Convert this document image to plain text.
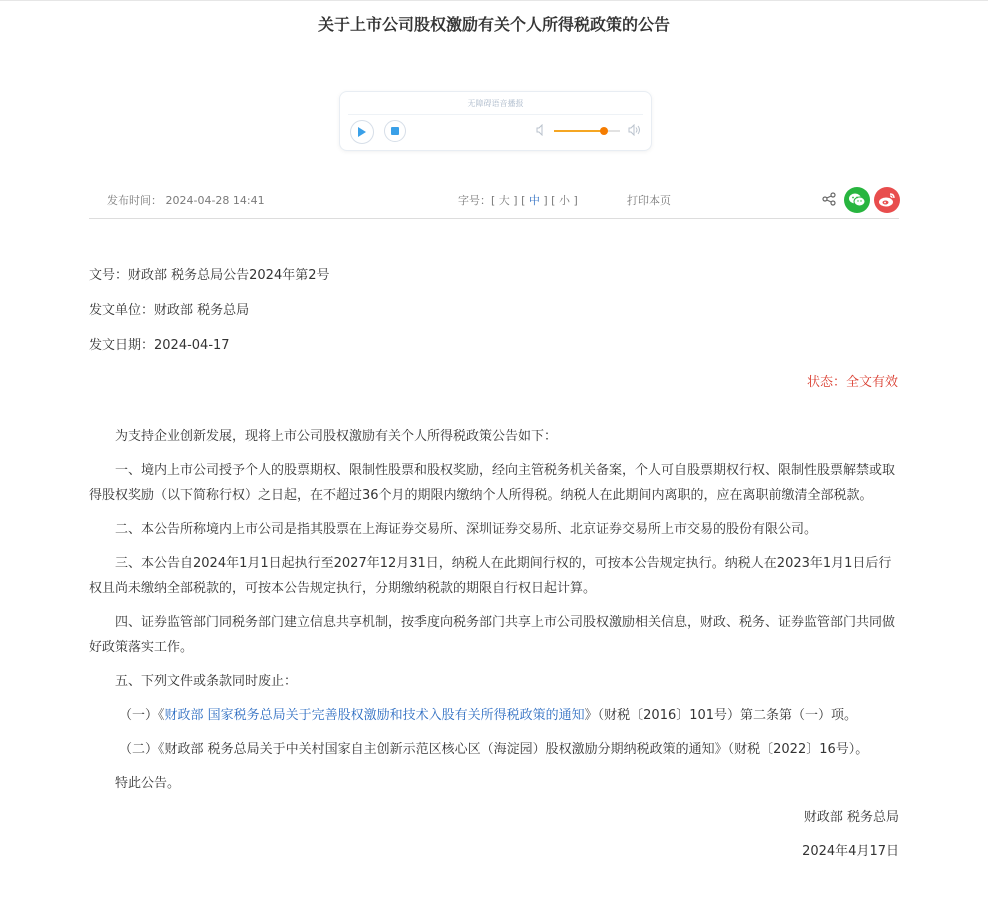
关于上市公司股权激励有关个人所得税政策的公告
无障碍语音播报
发布时间： 2024-04-28 14:41	字号：[ 大 ] [ 中 ] [ 小 ]	打印本页
文号：财政部 税务总局公告2024年第2号
发文单位：财政部 税务总局
发文日期：2024-04-17
状态：全文有效

为支持企业创新发展，现将上市公司股权激励有关个人所得税政策公告如下：

一、境内上市公司授予个人的股票期权、限制性股票和股权奖励，经向主管税务机关备案，个人可自股票期权行权、限制性股票解禁或取得股权奖励（以下简称行权）之日起，在不超过36个月的期限内缴纳个人所得税。纳税人在此期间内离职的，应在离职前缴清全部税款。

二、本公告所称境内上市公司是指其股票在上海证券交易所、深圳证券交易所、北京证券交易所上市交易的股份有限公司。

三、本公告自2024年1月1日起执行至2027年12月31日，纳税人在此期间行权的，可按本公告规定执行。纳税人在2023年1月1日后行权且尚未缴纳全部税款的，可按本公告规定执行，分期缴纳税款的期限自行权日起计算。

四、证券监管部门同税务部门建立信息共享机制，按季度向税务部门共享上市公司股权激励相关信息，财政、税务、证券监管部门共同做好政策落实工作。

五、下列文件或条款同时废止：

（一）《财政部 国家税务总局关于完善股权激励和技术入股有关所得税政策的通知》（财税〔2016〕101号）第二条第（一）项。

（二）《财政部 税务总局关于中关村国家自主创新示范区核心区（海淀园）股权激励分期纳税政策的通知》（财税〔2022〕16号）。

特此公告。

财政部 税务总局
2024年4月17日
